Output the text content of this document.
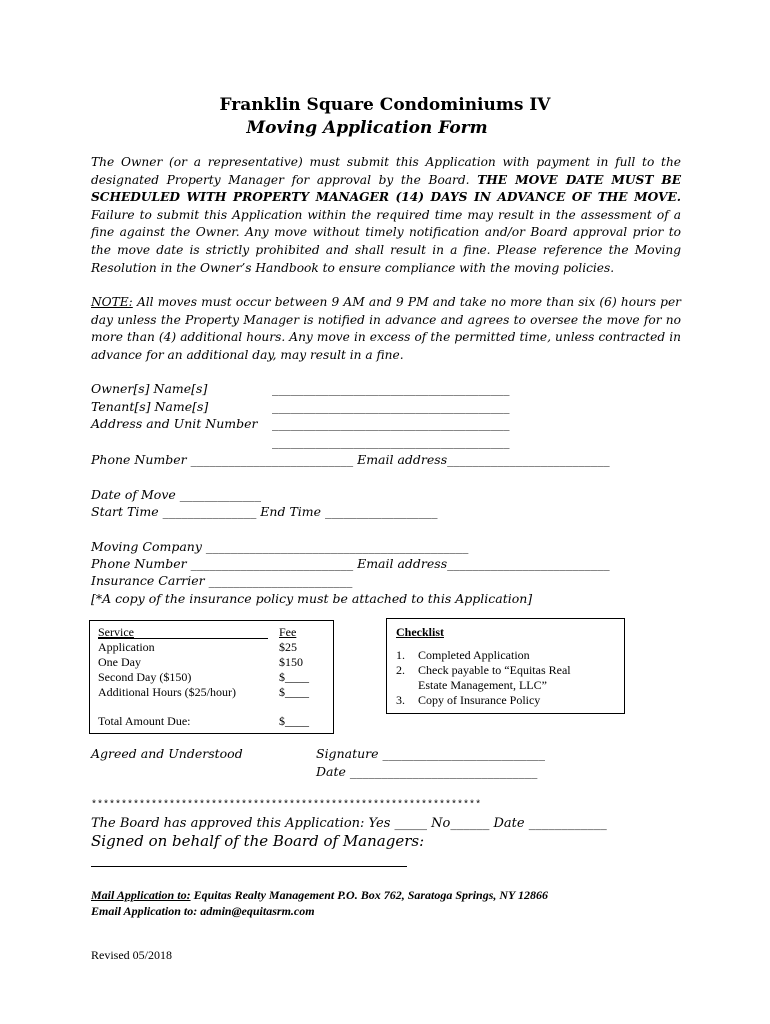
Franklin Square Condominiums IV
Moving Application Form
The Owner (or a representative) must submit this Application with payment in full to the designated Property Manager for approval by the Board. THE MOVE DATE MUST BE SCHEDULED WITH PROPERTY MANAGER (14) DAYS IN ADVANCE OF THE MOVE. Failure to submit this Application within the required time may result in the assessment of a fine against the Owner. Any move without timely notification and/or Board approval prior to the move date is strictly prohibited and shall result in a fine. Please reference the Moving Resolution in the Owner’s Handbook to ensure compliance with the moving policies.
NOTE: All moves must occur between 9 AM and 9 PM and take no more than six (6) hours per day unless the Property Manager is notified in advance and agrees to oversee the move for no more than (4) additional hours. Any move in excess of the permitted time, unless contracted in advance for an additional day, may result in a fine.
Owner[s] Name[s]	______________________________________
Tenant[s] Name[s]	______________________________________
Address and Unit Number ______________________________________
______________________________________
Phone Number __________________________ Email address__________________________
Date of Move _____________
Start Time _______________ End Time __________________
Moving Company __________________________________________
Phone Number __________________________ Email address__________________________
Insurance Carrier _______________________
[*A copy of the insurance policy must be attached to this Application]
Service	Fee
Application	$25
One Day	$150
Second Day ($150)	$____
Additional Hours ($25/hour)	$____
Total Amount Due:	$____
Checklist
1. Completed Application
2. Check payable to “Equitas Real
Estate Management, LLC”
3. Copy of Insurance Policy
Agreed and Understood	Signature __________________________
Date ______________________________
*****************************************************************
The Board has approved this Application: Yes _____ No______ Date ____________
Signed on behalf of the Board of Managers:
Mail Application to: Equitas Realty Management P.O. Box 762, Saratoga Springs, NY 12866
Email Application to: admin@equitasrm.com
Revised 05/2018
